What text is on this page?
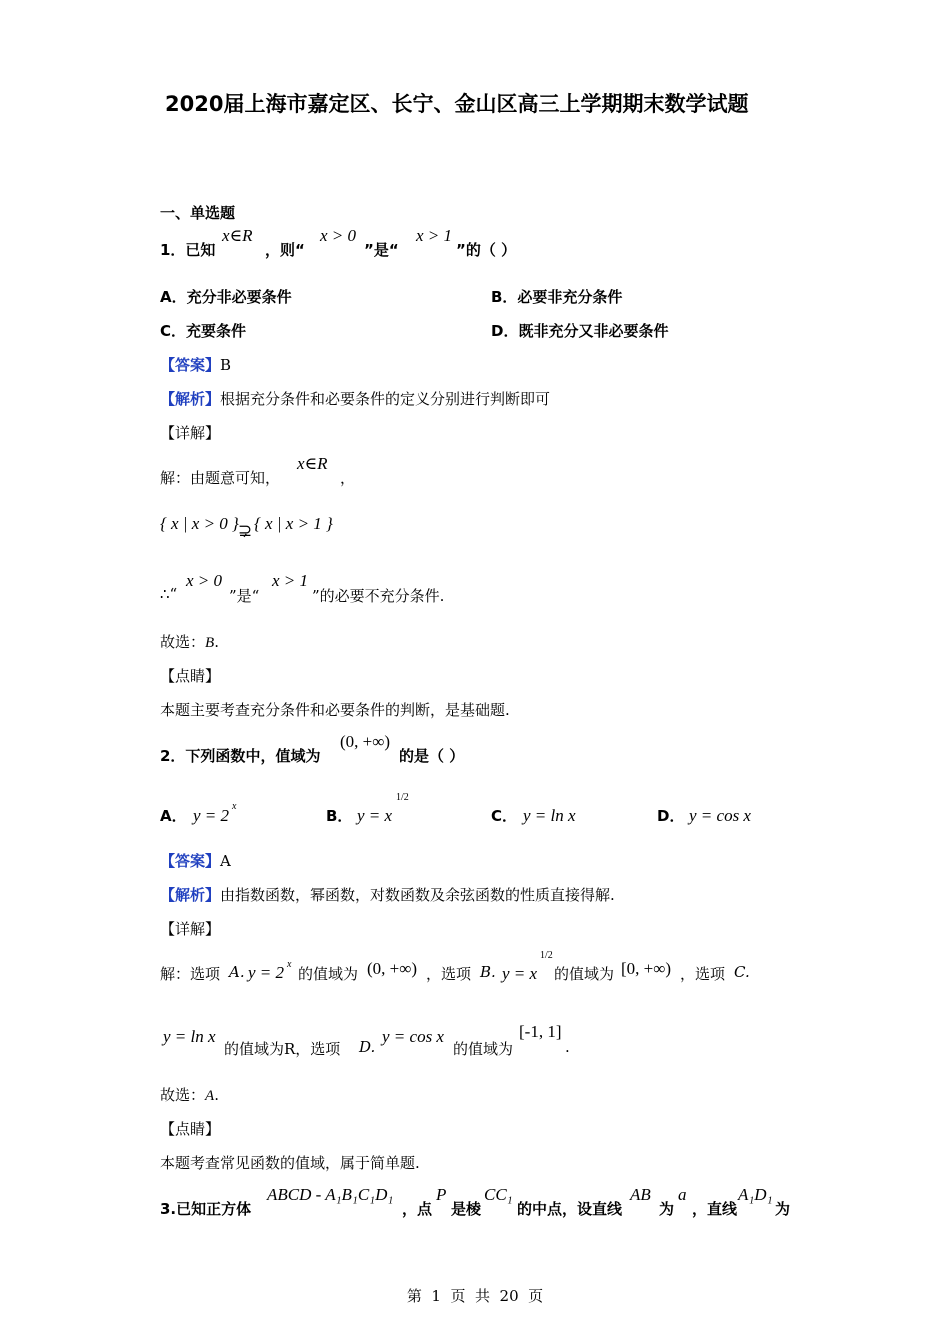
2020届上海市嘉定区、长宁、金山区高三上学期期末数学试题
一、单选题
1．已知
x∈R
，则“
x > 0
”是“
x > 1
”的（ ）
A．充分非必要条件	B．必要非充分条件
C．充要条件	D．既非充分又非必要条件
【答案】B
【解析】根据充分条件和必要条件的定义分别进行判断即可
【详解】
解：由题意可知，
x∈R
，
{ x | x > 0 } ⊋ { x | x > 1 }
∴“
x > 0
”是“
x > 1
”的必要不充分条件.
故选：B.
【点睛】
本题主要考查充分条件和必要条件的判断，是基础题.
2．下列函数中，值域为
(0, +∞)
的是（ ）
A． y = 2 x
B． y = x
1/2
C． y = ln x	D． y = cos x
【答案】A
【解析】由指数函数，幂函数，对数函数及余弦函数的性质直接得解.
【详解】
解：选项 A. y = 2 x
的值域为 (0, +∞) ，选项 B. y = x
1/2
的值域为 [0, +∞) ，选项 C.
y = ln x
的值域为R，选项 D.
y = cos x
的值域为
[-1, 1]
.
故选：A.
【点睛】
本题考查常见函数的值域，属于简单题.
3.已知正方体
ABCD - A₁B₁C₁D₁
，点
P
是棱
CC₁
的中点，设直线
AB
为
a
，直线
A₁D₁
为
第  1  页  共  20  页
